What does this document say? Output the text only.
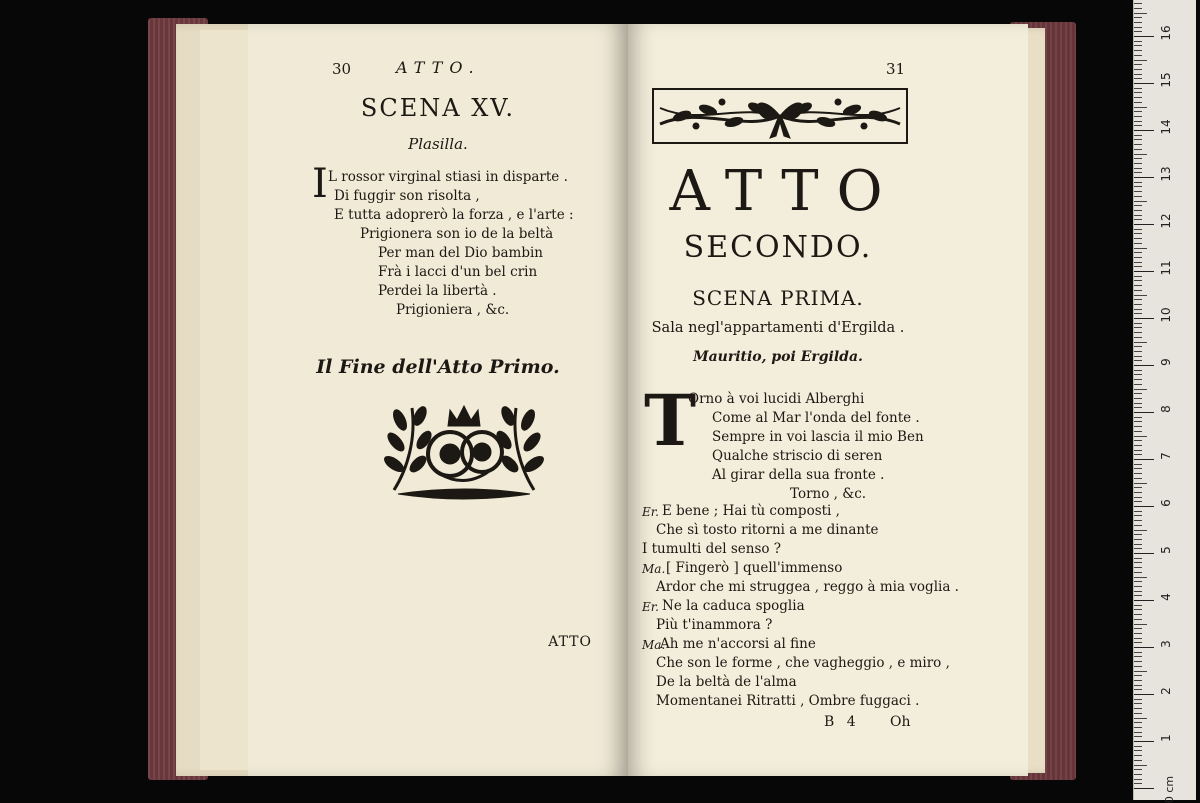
30	ATTO.
SCENA XV.
Plasilla.
I L rossor virginal stiasi in disparte .
Di fuggir son risolta ,
E tutta adoprerò la forza , e l'arte :
Prigionera son io de la beltà
Per man del Dio bambin
Frà i lacci d'un bel crin
Perdei la libertà .
Prigioniera , &c.
Il Fine dell'Atto Primo.
ATTO
31
ATTO
SECONDO.
SCENA PRIMA.
Sala negl'appartamenti d'Ergilda .
Mauritio, poi Ergilda.
T
Orno à voi lucidi Alberghi
Come al Mar l'onda del fonte .
Sempre in voi lascia il mio Ben
Qualche striscio di seren
Al girar della sua fronte .
Torno , &c.
Er. E bene ; Hai tù composti ,
Che sì tosto ritorni a me dinante
I tumulti del senso ?
Ma. [ Fingerò ] quell'immenso
Ardor che mi struggea , reggo à mia voglia .
Er. Ne la caduca spoglia
Più t'inammora ?
Ma.
Ah me n'accorsi al fine
Che son le forme , che vagheggio , e miro ,
De la beltà de l'alma
Momentanei Ritratti , Ombre fuggaci .
B 4 Oh
16
15
14
13
12
11
10
9
8
7
6
5
4
3
2
1
0 cm
